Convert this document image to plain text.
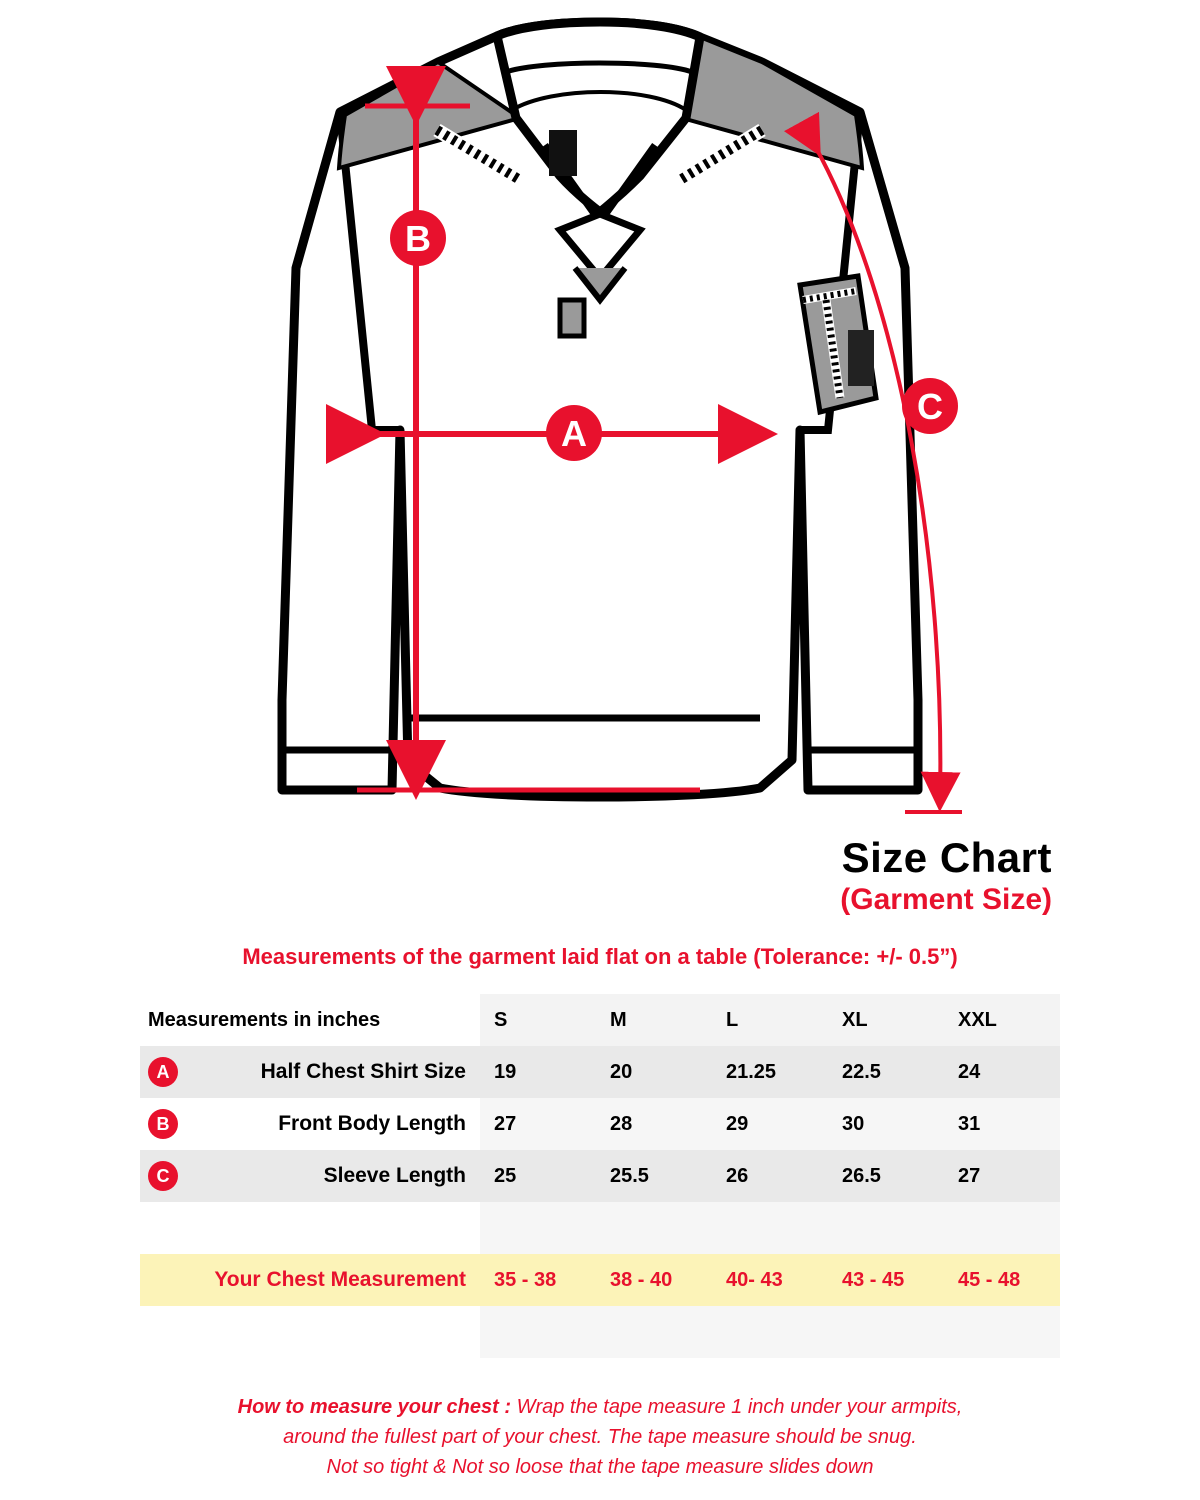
A
B
C
Size Chart
(Garment Size)
Measurements of the garment laid flat on a table (Tolerance: +/- 0.5”)
Measurements in inches	S	M	L	XL	XXL

A Half Chest Shirt Size	19	20	21.25	22.5	24

B Front Body Length	27	28	29	30	31

C Sleeve Length	25	25.5	26	26.5	27

Your Chest Measurement	35 - 38	38 - 40	40- 43	43 - 45	45 - 48

How to measure your chest : Wrap the tape measure 1 inch under your armpits,
around the fullest part of your chest. The tape measure should be snug.
Not so tight & Not so loose that the tape measure slides down
